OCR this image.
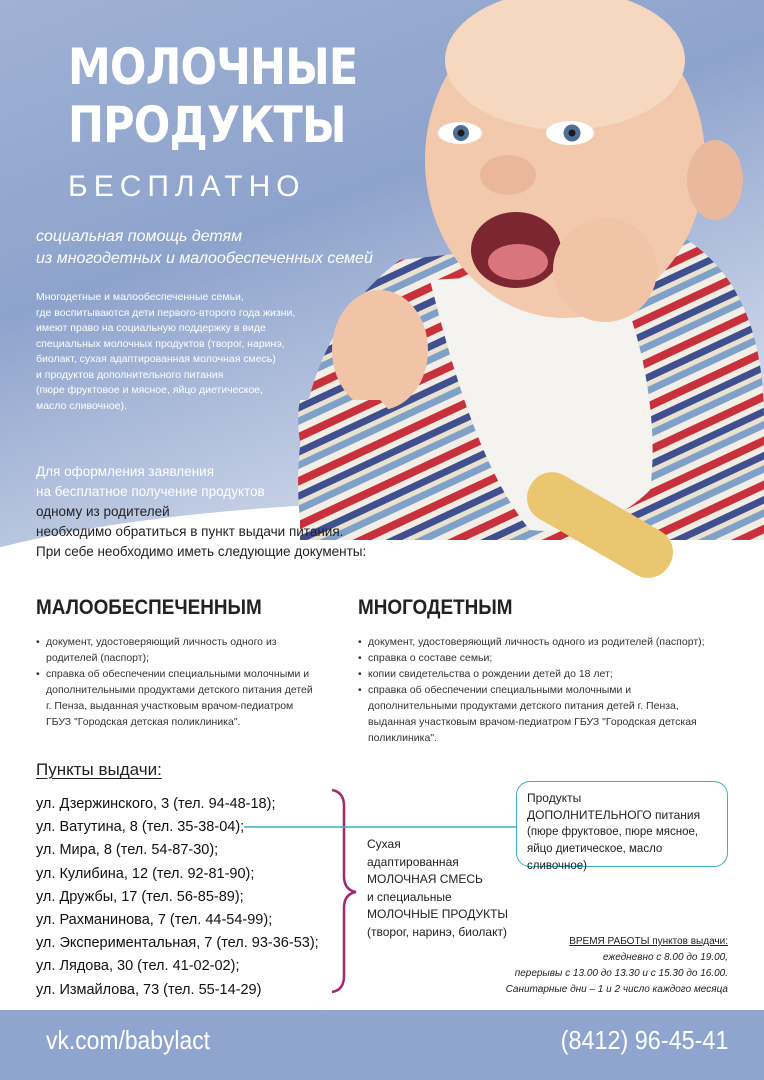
МОЛОЧНЫЕ
ПРОДУКТЫ
БЕСПЛАТНО
социальная помощь детям
из многодетных и малообеспеченных семей
Многодетные и малообеспеченные семьи,
где воспитываются дети первого-второго года жизни,
имеют право на социальную поддержку в виде
специальных молочных продуктов (творог, наринэ,
биолакт, сухая адаптированная молочная смесь)
и продуктов дополнительного питания
(пюре фруктовое и мясное, яйцо диетическое,
масло сливочное).
Для оформления заявления
на бесплатное получение продуктов
одному из родителей
необходимо обратиться в пункт выдачи питания.
При себе необходимо иметь следующие документы:
МАЛООБЕСПЕЧЕННЫМ
• документ, удостоверяющий личность одного из родителей (паспорт);
• справка об обеспечении специальными молочными и дополнительными продуктами детского питания детей г. Пенза, выданная участковым врачом-педиатром ГБУЗ "Городская детская поликлиника".
МНОГОДЕТНЫМ
• документ, удостоверяющий личность одного из родителей (паспорт);
• справка о составе семьи;
• копии свидетельства о рождении детей до 18 лет;
• справка об обеспечении специальными молочными и дополнительными продуктами детского питания детей г. Пенза, выданная участковым врачом-педиатром ГБУЗ "Городская детская поликлиника".
Пункты выдачи:
ул. Дзержинского, 3 (тел. 94-48-18);
ул. Ватутина, 8 (тел. 35-38-04);
ул. Мира, 8 (тел. 54-87-30);
ул. Кулибина, 12 (тел. 92-81-90);
ул. Дружбы, 17 (тел. 56-85-89);
ул. Рахманинова, 7 (тел. 44-54-99);
ул. Экспериментальная, 7 (тел. 93-36-53);
ул. Лядова, 30 (тел. 41-02-02);
ул. Измайлова, 73 (тел. 55-14-29)
Сухая
адаптированная
МОЛОЧНАЯ СМЕСЬ
и специальные
МОЛОЧНЫЕ ПРОДУКТЫ
(творог, наринэ, биолакт)
Продукты
ДОПОЛНИТЕЛЬНОГО питания
(пюре фруктовое, пюре мясное,
яйцо диетическое, масло сливочное)
ВРЕМЯ РАБОТЫ пунктов выдачи:
ежедневно с 8.00 до 19.00,
перерывы с 13.00 до 13.30 и с 15.30 до 16.00.
Санитарные дни – 1 и 2 число каждого месяца
vk.com/babylact	(8412) 96-45-41
